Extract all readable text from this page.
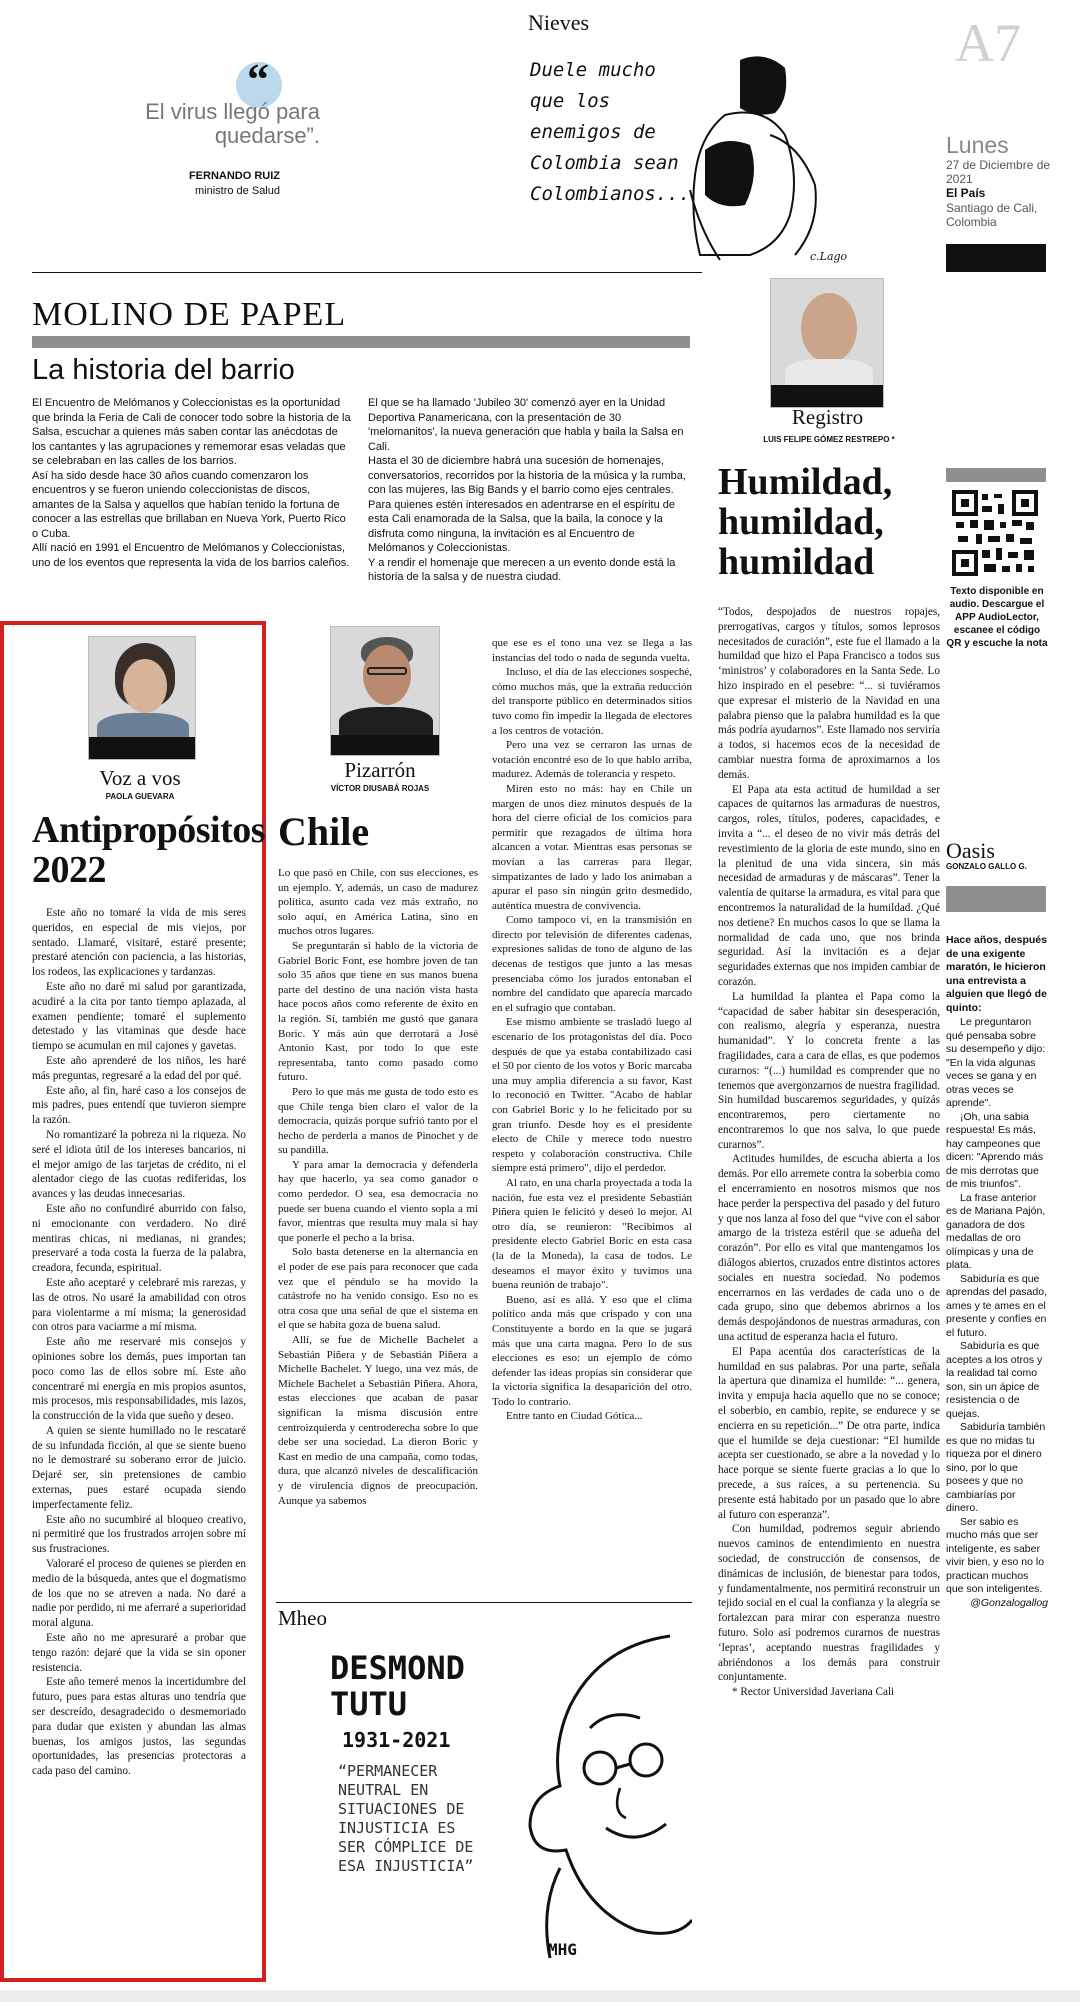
“
El virus llegó para quedarse”.
FERNANDO RUIZ
ministro de Salud
Nieves
Duele mucho que los enemigos de Colombia sean Colombianos...
c.Lago
A7
Lunes
27 de Diciembre de 2021
El País
Santiago de Cali, Colombia
MOLINO DE PAPEL
La historia del barrio

El Encuentro de Melómanos y Coleccionistas es la oportunidad que brinda la Feria de Cali de conocer todo sobre la historia de la Salsa, escuchar a quienes más saben contar las anécdotas de los cantantes y las agrupaciones y rememorar esas veladas que se celebraban en las calles de los barrios.

Así ha sido desde hace 30 años cuando comenzaron los encuentros y se fueron uniendo coleccionistas de discos, amantes de la Salsa y aquellos que habían tenido la fortuna de conocer a las estrellas que brillaban en Nueva York, Puerto Rico o Cuba.

Allí nació en 1991 el Encuentro de Melómanos y Coleccionistas, uno de los eventos que representa la vida de los barrios caleños.

El que se ha llamado 'Jubileo 30' comenzó ayer en la Unidad Deportiva Panamericana, con la presentación de 30 'melomanitos', la nueva generación que habla y baila la Salsa en Cali.

Hasta el 30 de diciembre habrá una sucesión de homenajes, conversatorios, recorridos por la historia de la música y la rumba, con las mujeres, las Big Bands y el barrio como ejes centrales.

Para quienes estén interesados en adentrarse en el espíritu de esta Cali enamorada de la Salsa, que la baila, la conoce y la disfruta como ninguna, la invitación es al Encuentro de Melómanos y Coleccionistas.

Y a rendir el homenaje que merecen a un evento donde está la historia de la salsa y de nuestra ciudad.

Registro
LUIS FELIPE GÓMEZ RESTREPO *
Humildad, humildad, humildad

“Todos, despojados de nuestros ropajes, prerrogativas, cargos y títulos, somos leprosos necesitados de curación”, este fue el llamado a la humildad que hizo el Papa Francisco a todos sus ‘ministros’ y colaboradores en la Santa Sede. Lo hizo inspirado en el pesebre: “... si tuviéramos que expresar el misterio de la Navidad en una palabra pienso que la palabra humildad es la que más podría ayudarnos”. Este llamado nos serviría a todos, si hacemos ecos de la necesidad de cambiar nuestra forma de aproximarnos a los demás.

El Papa ata esta actitud de humildad a ser capaces de quitarnos las armaduras de nuestros, cargos, roles, títulos, poderes, capacidades, e invita a “... el deseo de no vivir más detrás del revestimiento de la gloria de este mundo, sino en la plenitud de una vida sincera, sin más necesidad de armaduras y de máscaras”. Tener la valentía de quitarse la armadura, es vital para que encontremos la naturalidad de la humildad. ¿Qué nos detiene? En muchos casos lo que se llama la normalidad de cada uno, que nos brinda seguridad. Así la invitación es a dejar seguridades externas que nos impiden cambiar de corazón.

La humildad la plantea el Papa como la “capacidad de saber habitar sin desesperación, con realismo, alegría y esperanza, nuestra humanidad”. Y lo concreta frente a las fragilidades, cara a cara de ellas, es que podemos curarnos: “(...) humildad es comprender que no tenemos que avergonzarnos de nuestra fragilidad. Sin humildad buscaremos seguridades, y quizás encontraremos, pero ciertamente no encontraremos lo que nos salva, lo que puede curarnos”.

Actitudes humildes, de escucha abierta a los demás. Por ello arremete contra la soberbia como el encerramiento en nosotros mismos que nos hace perder la perspectiva del pasado y del futuro y que nos lanza al foso del que “vive con el sabor amargo de la tristeza estéril que se adueña del corazón”. Por ello es vital que mantengamos los diálogos abiertos, cruzados entre distintos actores sociales en nuestra sociedad. No podemos encerrarnos en las verdades de cada uno o de cada grupo, sino que debemos abrirnos a los demás despojándonos de nuestras armaduras, con una actitud de esperanza hacia el futuro.

El Papa acentúa dos características de la humildad en sus palabras. Por una parte, señala la apertura que dinamiza el humilde: “... genera, invita y empuja hacia aquello que no se conoce; el soberbio, en cambio, repite, se endurece y se encierra en su repetición...” De otra parte, indica que el humilde se deja cuestionar: “El humilde acepta ser cuestionado, se abre a la novedad y lo hace porque se siente fuerte gracias a lo que lo precede, a sus raíces, a su pertenencia. Su presente está habitado por un pasado que lo abre al futuro con esperanza”.

Con humildad, podremos seguir abriendo nuevos caminos de entendimiento en nuestra sociedad, de construcción de consensos, de dinámicas de inclusión, de bienestar para todos, y fundamentalmente, nos permitirá reconstruir un tejido social en el cual la confianza y la alegría se fortalezcan para mirar con esperanza nuestro futuro. Solo así podremos curarnos de nuestras ‘lepras’, aceptando nuestras fragilidades y abriéndonos a los demás para construir conjuntamente.

* Rector Universidad Javeriana Cali

Texto disponible en audio. Descargue el APP AudioLector, escanee el código QR y escuche la nota
Oasis
GONZALO GALLO G.
Hace años, después de una exigente maratón, le hicieron una entrevista a alguien que llegó de quinto:

Le preguntaron qué pensaba sobre su desempeño y dijo: "En la vida algunas veces se gana y en otras veces se aprende".

¡Oh, una sabia respuesta! Es más, hay campeones que dicen: "Aprendo más de mis derrotas que de mis triunfos".

La frase anterior es de Mariana Pajón, ganadora de dos medallas de oro olímpicas y una de plata.

Sabiduría es que aprendas del pasado, ames y te ames en el presente y confíes en el futuro.

Sabiduría es que aceptes a los otros y la realidad tal como son, sin un ápice de resistencia o de quejas.

Sabiduría también es que no midas tu riqueza por el dinero sino, por lo que posees y que no cambiarías por dinero.

Ser sabio es mucho más que ser inteligente, es saber vivir bien, y eso no lo practican muchos que son inteligentes.

@Gonzalogallog

Voz a vos
PAOLA GUEVARA
Antipropósitos 2022

Este año no tomaré la vida de mis seres queridos, en especial de mis viejos, por sentado. Llamaré, visitaré, estaré presente; prestaré atención con paciencia, a las historias, los rodeos, las explicaciones y tardanzas.

Este año no daré mi salud por garantizada, acudiré a la cita por tanto tiempo aplazada, al examen pendiente; tomaré el suplemento detestado y las vitaminas que desde hace tiempo se acumulan en mil cajones y gavetas.

Este año aprenderé de los niños, les haré más preguntas, regresaré a la edad del por qué.

Este año, al fin, haré caso a los consejos de mis padres, pues entendí que tuvieron siempre la razón.

No romantizaré la pobreza ni la riqueza. No seré el idiota útil de los intereses bancarios, ni el mejor amigo de las tarjetas de crédito, ni el alentador ciego de las cuotas rediferidas, los avances y las deudas innecesarias.

Este año no confundiré aburrido con falso, ni emocionante con verdadero. No diré mentiras chicas, ni medianas, ni grandes; preservaré a toda costa la fuerza de la palabra, creadora, fecunda, espiritual.

Este año aceptaré y celebraré mis rarezas, y las de otros. No usaré la amabilidad con otros para violentarme a mí misma; la generosidad con otros para vaciarme a mí misma.

Este año me reservaré mis consejos y opiniones sobre los demás, pues importan tan poco como las de ellos sobre mí. Este año concentraré mi energía en mis propios asuntos, mis procesos, mis responsabilidades, mis lazos, la construcción de la vida que sueño y deseo.

A quien se siente humillado no le rescataré de su infundada ficción, al que se siente bueno no le demostraré su soberano error de juicio. Dejaré ser, sin pretensiones de cambio externas, pues estaré ocupada siendo imperfectamente feliz.

Este año no sucumbiré al bloqueo creativo, ni permitiré que los frustrados arrojen sobre mí sus frustraciones.

Valoraré el proceso de quienes se pierden en medio de la búsqueda, antes que el dogmatismo de los que no se atreven a nada. No daré a nadie por perdido, ni me aferraré a superioridad moral alguna.

Este año no me apresuraré a probar que tengo razón: dejaré que la vida se sin oponer resistencia.

Este año temeré menos la incertidumbre del futuro, pues para estas alturas uno tendría que ser descreído, desagradecido o desmemoriado para dudar que existen y abundan las almas buenas, los amigos justos, las segundas oportunidades, las presencias protectoras a cada paso del camino.

Pizarrón
VÍCTOR DIUSABÁ ROJAS
Chile

Lo que pasó en Chile, con sus elecciones, es un ejemplo. Y, además, un caso de madurez política, asunto cada vez más extraño, no solo aquí, en América Latina, sino en muchos otros lugares.

Se preguntarán si hablo de la victoria de Gabriel Boric Font, ese hombre joven de tan solo 35 años que tiene en sus manos buena parte del destino de una nación vista hasta hace pocos años como referente de éxito en la región. Sí, también me gustó que ganara Boric. Y más aún que derrotará a José Antonio Kast, por todo lo que este representaba, tanto como pasado como futuro.

Pero lo que más me gusta de todo esto es que Chile tenga bien claro el valor de la democracia, quizás porque sufrió tanto por el hecho de perderla a manos de Pinochet y de su pandilla.

Y para amar la democracia y defenderla hay que hacerlo, ya sea como ganador o como perdedor. O sea, esa democracia no puede ser buena cuando el viento sopla a mi favor, mientras que resulta muy mala si hay que ponerle el pecho a la brisa.

Solo basta detenerse en la alternancia en el poder de ese país para reconocer que cada vez que el péndulo se ha movido la catástrofe no ha venido consigo. Eso no es otra cosa que una señal de que el sistema en el que se habita goza de buena salud.

Allí, se fue de Michelle Bachelet a Sebastián Piñera y de Sebastián Piñera a Michelle Bachelet. Y luego, una vez más, de Michele Bachelet a Sebastián Piñera. Ahora, estas elecciones que acaban de pasar significan la misma discusión entre centroizquierda y centroderecha sobre lo que debe ser una sociedad. La dieron Boric y Kast en medio de una campaña, como todas, dura, que alcanzó niveles de descalificación y de virulencia dignos de preocupación. Aunque ya sabemos

que ese es el tono una vez se llega a las instancias del todo o nada de segunda vuelta.

Incluso, el día de las elecciones sospeché, cómo muchos más, que la extraña reducción del transporte público en determinados sitios tuvo como fin impedir la llegada de electores a los centros de votación.

Pero una vez se cerraron las urnas de votación encontré eso de lo que hablo arriba, madurez. Además de tolerancia y respeto.

Miren esto no más: hay en Chile un margen de unos diez minutos después de la hora del cierre oficial de los comicios para permitir que rezagados de última hora alcancen a votar. Mientras esas personas se movían a las carreras para llegar, simpatizantes de lado y lado los animaban a apurar el paso sin ningún grito desmedido, auténtica muestra de convivencia.

Como tampoco vi, en la transmisión en directo por televisión de diferentes cadenas, expresiones salidas de tono de alguno de las decenas de testigos que junto a las mesas presenciaba cómo los jurados entonaban el nombre del candidato que aparecía marcado en el sufragio que contaban.

Ese mismo ambiente se trasladó luego al escenario de los protagonistas del día. Poco después de que ya estaba contabilizado casi el 50 por ciento de los votos y Boric marcaba una muy amplia diferencia a su favor, Kast lo reconoció en Twitter. "Acabo de hablar con Gabriel Boric y lo he felicitado por su gran triunfo. Desde hoy es el presidente electo de Chile y merece todo nuestro respeto y colaboración constructiva. Chile siempre está primero", dijo el perdedor.

Al rato, en una charla proyectada a toda la nación, fue esta vez el presidente Sebastián Piñera quien le felicitó y deseó lo mejor. Al otro día, se reunieron: "Recibimos al presidente electo Gabriel Boric en esta casa (la de la Moneda), la casa de todos. Le deseamos el mayor éxito y tuvimos una buena reunión de trabajo".

Bueno, así es allá. Y eso que el clima político anda más que crispado y con una Constituyente a bordo en la que se jugará más que una carta magna. Pero lo de sus elecciones es eso: un ejemplo de cómo defender las ideas propias sin considerar que la victoria significa la desaparición del otro. Todo lo contrario.

Entre tanto en Ciudad Gótica...

Mheo
DESMOND TUTU
1931-2021
“PERMANECER NEUTRAL EN SITUACIONES DE INJUSTICIA ES SER CÓMPLICE DE ESA INJUSTICIA”
MHG
